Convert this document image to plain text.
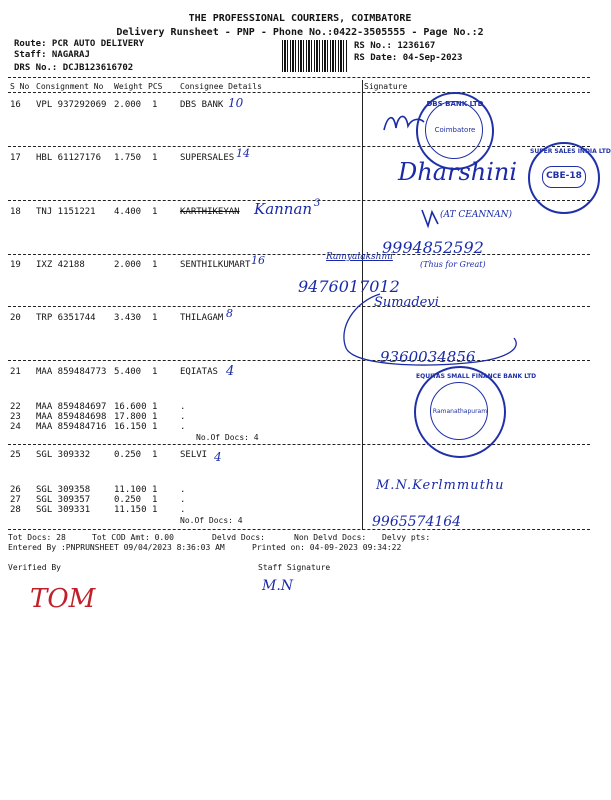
THE PROFESSIONAL COURIERS, COIMBATORE
Delivery Runsheet - PNP - Phone No.:0422-3505555 - Page No.:2
Route: PCR AUTO DELIVERY
Staff: NAGARAJ
DRS No.: DCJB123616702
RS No.: 1236167
RS Date: 04-Sep-2023
S No Consignment No Weight PCS Consignee Details	Signature
16 VPL 937292069 2.000 1	DBS BANK 10
17 HBL 61127176 1.750 1	SUPERSALES 14
18 TNJ 1151221 4.400 1	KARTHIKEYAN Kannan 3
19 IXZ 42188	2.000 1	SENTHILKUMART 16
20 TRP 6351744 3.430 1	THILAGAM 8
21 MAA 859484773 5.400 1	EQIATAS 4
22 MAA 859484697 16.600 1	.
23 MAA 859484698 17.800 1	.
24 MAA 859484716 16.150 1	.
No.Of Docs: 4
25 SGL 309332	0.250 1	SELVI 4
26 SGL 309358	11.100 1	.
27 SGL 309357	0.250 1	.
28 SGL 309331	11.150 1	.
No.Of Docs: 4
DBS BANK LTD
Coimbatore
Dharshini
SUPER SALES INDIA LTD
CBE-18
(AT CEANNAN)
9994852592
Ramyalakshmi
(Thus for Great)
9476017012
Sumadevi
9360034856
EQUITAS SMALL FINANCE BANK LTD
Ramanathapuram
M.N.Kerlmmuthu
9965574164
Tot Docs: 28	Tot COD Amt: 0.00	Delvd Docs:	Non Delvd Docs: Delvy pts:
Entered By :PNPRUNSHEET 09/04/2023 8:36:03 AM	Printed on: 04-09-2023 09:34:22
Verified By	Staff Signature
TOM	M.N
